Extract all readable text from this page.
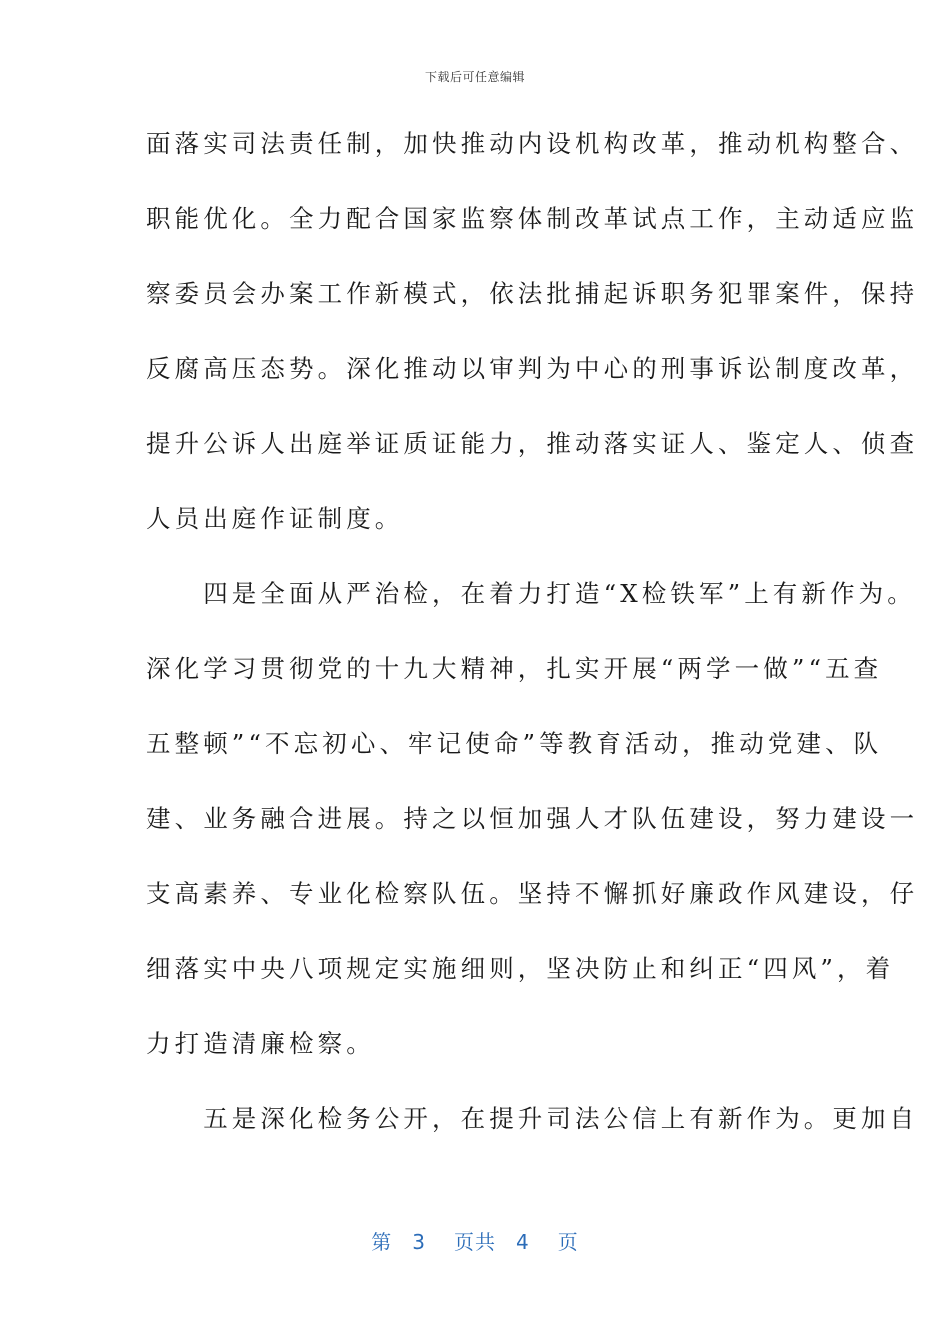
下载后可任意编辑
面落实司法责任制，加快推动内设机构改革，推动机构整合、
职能优化。全力配合国家监察体制改革试点工作，主动适应监
察委员会办案工作新模式，依法批捕起诉职务犯罪案件，保持
反腐高压态势。深化推动以审判为中心的刑事诉讼制度改革，
提升公诉人出庭举证质证能力，推动落实证人、鉴定人、侦查
人员出庭作证制度。
　　四是全面从严治检，在着力打造“X检铁军”上有新作为。
深化学习贯彻党的十九大精神，扎实开展“两学一做”“五查
五整顿”“不忘初心、牢记使命”等教育活动，推动党建、队
建、业务融合进展。持之以恒加强人才队伍建设，努力建设一
支高素养、专业化检察队伍。坚持不懈抓好廉政作风建设，仔
细落实中央八项规定实施细则，坚决防止和纠正“四风”，着
力打造清廉检察。
　　五是深化检务公开，在提升司法公信上有新作为。更加自
第 3 页共 4 页
